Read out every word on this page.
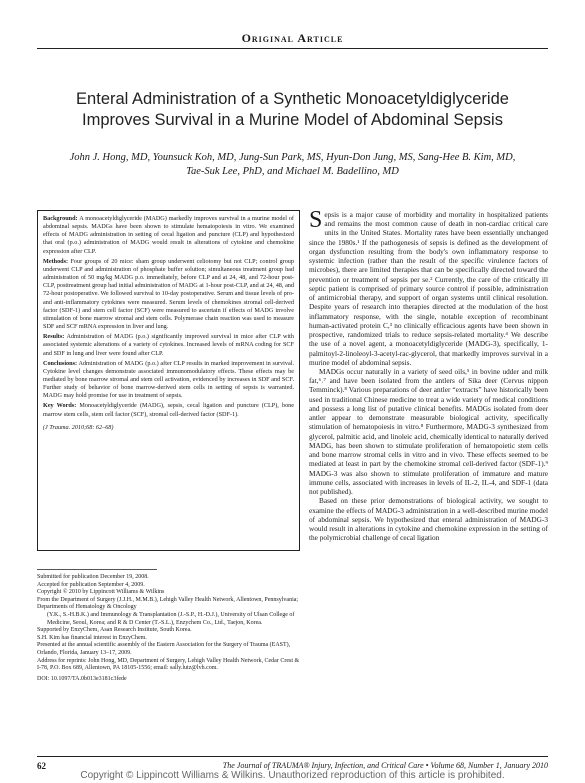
Original Article
Enteral Administration of a Synthetic Monoacetyldiglyceride
Improves Survival in a Murine Model of Abdominal Sepsis
John J. Hong, MD, Younsuck Koh, MD, Jung-Sun Park, MS, Hyun-Don Jung, MS, Sang-Hee B. Kim, MD,
Tae-Suk Lee, PhD, and Michael M. Badellino, MD

Background: A monoacetyldiglyceride (MADG) markedly improves survival in a murine model of abdominal sepsis. MADGs have been shown to stimulate hematopoiesis in vitro. We examined effects of MADG administration in setting of cecal ligation and puncture (CLP) and hypothesized that oral (p.o.) administration of MADG would result in alterations of cytokine and chemokine expression after CLP.

Methods: Four groups of 20 mice: sham group underwent celiotomy but not CLP; control group underwent CLP and administration of phosphate buffer solution; simultaneous treatment group had administration of 50 mg/kg MADG p.o. immediately, before CLP and at 24, 48, and 72-hour post-CLP, posttreatment group had initial administration of MADG at 1-hour post-CLP, and at 24, 48, and 72-hour postoperative. We followed survival to 10-day postoperative. Serum and tissue levels of pro- and anti-inflammatory cytokines were measured. Serum levels of chemokines stromal cell-derived factor (SDF-1) and stem cell factor (SCF) were measured to ascertain if effects of MADG involve stimulation of bone marrow stromal and stem cells. Polymerase chain reaction was used to measure SDF and SCF mRNA expression in liver and lung.

Results: Administration of MADG (p.o.) significantly improved survival in mice after CLP with associated systemic alterations of a variety of cytokines. Increased levels of mRNA coding for SCF and SDF in lung and liver were found after CLP.

Conclusions: Administration of MADG (p.o.) after CLP results in marked improvement in survival. Cytokine level changes demonstrate associated immunomodulatory effects. These effects may be mediated by bone marrow stromal and stem cell activation, evidenced by increases in SDF and SCF. Further study of behavior of bone marrow-derived stem cells in setting of sepsis is warranted. MADG may hold promise for use in treatment of sepsis.

Key Words: Monoacetyldiglyceride (MADG), sepsis, cecal ligation and puncture (CLP), bone marrow stem cells, stem cell factor (SCF), stromal cell-derived factor (SDF-1).

(J Trauma. 2010;68: 62–68)

Submitted for publication December 19, 2008.
Accepted for publication September 4, 2009.
Copyright © 2010 by Lippincott Williams & Wilkins
From the Department of Surgery (J.J.H., M.M.B.), Lehigh Valley Health Network, Allentown, Pennsylvania; Departments of Hematology & Oncology
(Y.K., S.-H.B.K.) and Immunology & Transplantation (J.-S.P., H.-D.J.), University of Ulsan College of Medicine, Seoul, Korea; and R & D Center (T.-S.L.), Enzychem Co., Ltd., Taejon, Korea.
Supported by EnzyChem, Asan Research Institute, South Korea.
S.H. Kim has financial interest in EnzyChem.
Presented at the annual scientific assembly of the Eastern Association for the Surgery of Trauma (EAST), Orlando, Florida, January 13–17, 2009.
Address for reprints: John Hong, MD, Department of Surgery, Lehigh Valley Health Network, Cedar Crest & I-78, P.O. Box 689, Allentown, PA 18105-1556; email: sally.lutz@lvh.com.
DOI: 10.1097/TA.0b013e3181c3fede

Sepsis is a major cause of morbidity and mortality in hospitalized patients and remains the most common cause of death in non-cardiac critical care units in the United States. Mortality rates have been essentially unchanged since the 1980s.¹ If the pathogenesis of sepsis is defined as the development of organ dysfunction resulting from the body's own inflammatory response to systemic infection (rather than the result of the specific virulence factors of microbes), there are limited therapies that can be specifically directed toward the prevention or treatment of sepsis per se.² Currently, the care of the critically ill septic patient is comprised of primary source control if possible, administration of antimicrobial therapy, and support of organ systems until clinical resolution. Despite years of research into therapies directed at the modulation of the host inflammatory response, with the single, notable exception of recombinant human-activated protein C,³ no clinically efficacious agents have been shown in prospective, randomized trials to reduce sepsis-related mortality.⁴ We describe the use of a novel agent, a monoacetyldiglyceride (MADG-3), specifically, 1-palmitoyl-2-linoleoyl-3-acetyl-rac-glycerol, that markedly improves survival in a murine model of abdominal sepsis.

MADGs occur naturally in a variety of seed oils,⁵ in bovine udder and milk fat,⁶˒⁷ and have been isolated from the antlers of Sika deer (Cervus nippon Temminck).⁸ Various preparations of deer antler “extracts” have historically been used in traditional Chinese medicine to treat a wide variety of medical conditions and possess a long list of putative clinical benefits. MADGs isolated from deer antler appear to demonstrate measurable biological activity, specifically stimulation of hematopoiesis in vitro.⁸ Furthermore, MADG-3 synthesized from glycerol, palmitic acid, and linoleic acid, chemically identical to naturally derived MADG, has been shown to stimulate proliferation of hematopoietic stem cells and bone marrow stromal cells in vitro and in vivo. These effects seemed to be mediated at least in part by the chemokine stromal cell-derived factor (SDF-1).⁹ MADG-3 was also shown to stimulate proliferation of immature and mature immune cells, associated with increases in levels of IL-2, IL-4, and SDF-1 (data not published).

Based on these prior demonstrations of biological activity, we sought to examine the effects of MADG-3 administration in a well-described murine model of abdominal sepsis. We hypothesized that enteral administration of MADG-3 would result in alterations in cytokine and chemokine expression in the setting of the polymicrobial challenge of cecal ligation

62	The Journal of TRAUMA® Injury, Infection, and Critical Care • Volume 68, Number 1, January 2010
Copyright © Lippincott Williams & Wilkins. Unauthorized reproduction of this article is prohibited.
